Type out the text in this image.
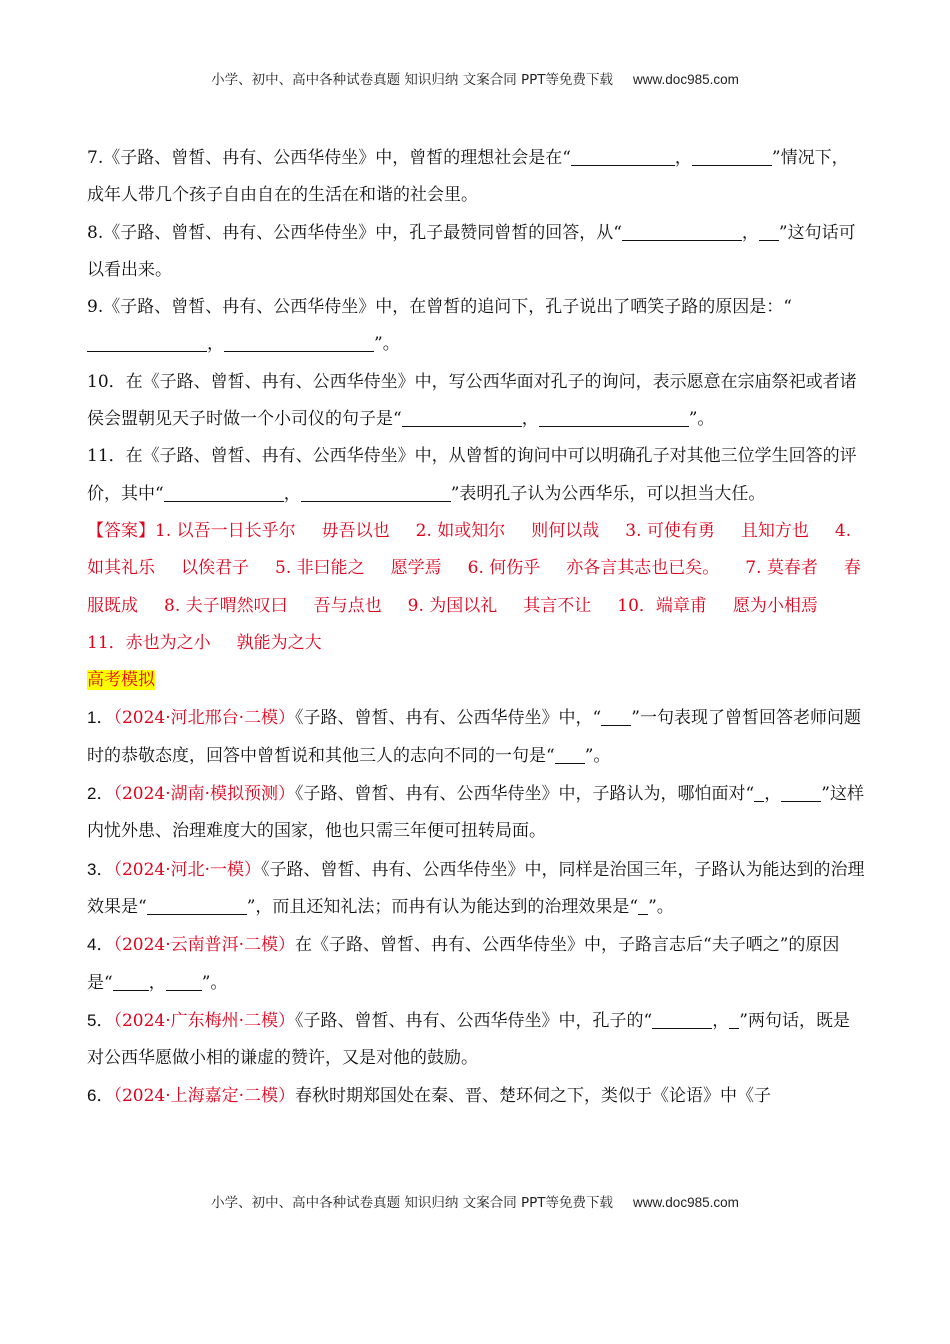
小学、初中、高中各种试卷真题 知识归纳 文案合同 PPT等免费下载 www.doc985.com

7.《子路、曾皙、冉有、公西华侍坐》中，曾皙的理想社会是在“	，	”情况下，成年人带几个孩子自由自在的生活在和谐的社会里。

8.《子路、曾皙、冉有、公西华侍坐》中，孔子最赞同曾皙的回答，从“	， ”这句话可以看出来。

9.《子路、曾皙、冉有、公西华侍坐》中，在曾皙的追问下，孔子说出了哂笑子路的原因是：“，	”。

10．在《子路、曾皙、冉有、公西华侍坐》中，写公西华面对孔子的询问，表示愿意在宗庙祭祀或者诸侯会盟朝见天子时做一个小司仪的句子是“	，	”。

11．在《子路、曾皙、冉有、公西华侍坐》中，从曾皙的询问中可以明确孔子对其他三位学生回答的评价，其中“	，	”表明孔子认为公西华乐，可以担当大任。

【答案】1. 以吾一日长乎尔 毋吾以也 2. 如或知尔 则何以哉 3. 可使有勇 且知方也 4. 如其礼乐 以俟君子 5. 非曰能之 愿学焉 6. 何伤乎 亦各言其志也已矣。 7. 莫春者 春服既成 8. 夫子喟然叹曰 吾与点也 9. 为国以礼 其言不让 10．端章甫 愿为小相焉11．赤也为之小 孰能为之大

高考模拟

1．（2024·河北邢台·二模）《子路、曾皙、冉有、公西华侍坐》中，“ ”一句表现了曾皙回答老师问题时的恭敬态度，回答中曾皙说和其他三人的志向不同的一句是“ ”。

2．（2024·湖南·模拟预测）《子路、曾皙、冉有、公西华侍坐》中，子路认为，哪怕面对“ ， ”这样内忧外患、治理难度大的国家，他也只需三年便可扭转局面。

3．（2024·河北·一模）《子路、曾皙、冉有、公西华侍坐》中，同样是治国三年，子路认为能达到的治理效果是“	”，而且还知礼法；而冉有认为能达到的治理效果是“ ”。

4．（2024·云南普洱·二模）在《子路、曾皙、冉有、公西华侍坐》中，子路言志后“夫子哂之”的原因是“ ， ”。

5．（2024·广东梅州·二模）《子路、曾皙、冉有、公西华侍坐》中，孔子的“	， ”两句话，既是对公西华愿做小相的谦虚的赞许，又是对他的鼓励。

6．（2024·上海嘉定·二模）春秋时期郑国处在秦、晋、楚环伺之下，类似于《论语》中《子

小学、初中、高中各种试卷真题 知识归纳 文案合同 PPT等免费下载 www.doc985.com
